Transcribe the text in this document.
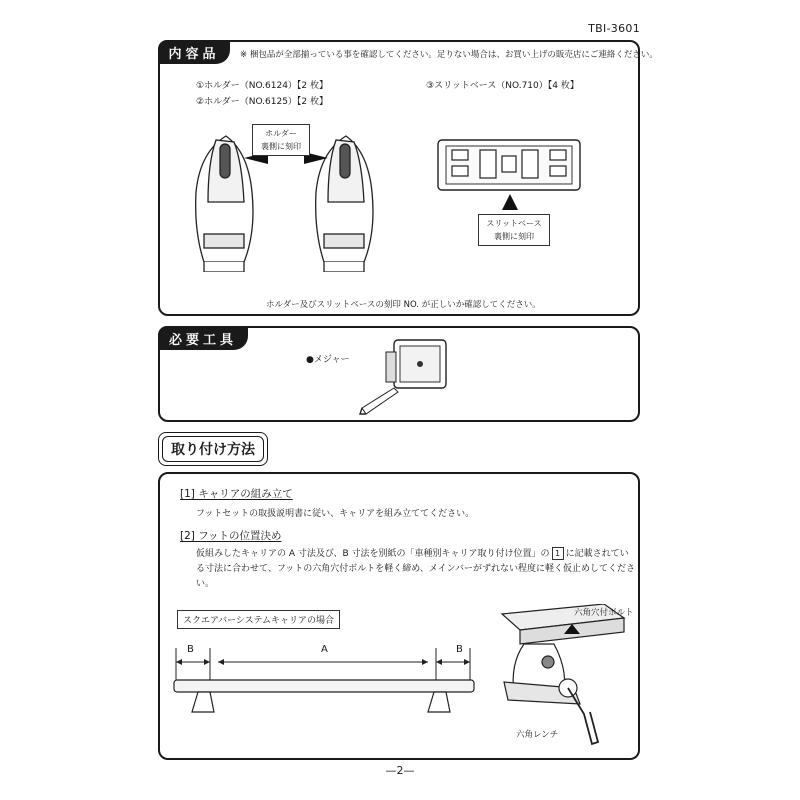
TBI-3601
内容品	※ 梱包品が全部揃っている事を確認してください。足りない場合は、お買い上げの販売店にご連絡ください。
①ホルダー（NO.6124）【2 枚】
②ホルダー（NO.6125）【2 枚】
③スリットベース（NO.710）【4 枚】
ホルダー
裏側に刻印
スリットベース
裏側に刻印
ホルダー及びスリットベースの刻印 NO. が正しいか確認してください。
必要工具
●メジャー
取り付け方法
[1] キャリアの組み立て
フットセットの取扱説明書に従い、キャリアを組み立ててください。
[2] フットの位置決め
仮組みしたキャリアの A 寸法及び、B 寸法を別紙の「車種別キャリア取り付け位置」の 1 に記載されている寸法に合わせて、フットの六角穴付ボルトを軽く締め、メインバーがずれない程度に軽く仮止めしてください。
スクエアバーシステムキャリアの場合
B	A	B
六角穴付ボルト
六角レンチ
—2—
